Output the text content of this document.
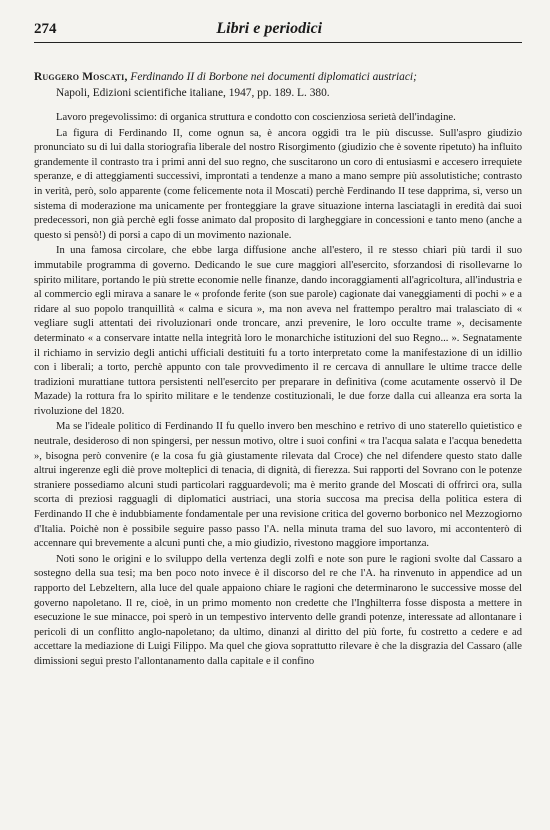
274	Libri e periodici
Ruggero Moscati, Ferdinando II di Borbone nei documenti diplomatici austriaci;
Napoli, Edizioni scientifiche italiane, 1947, pp. 189. L. 380.

Lavoro pregevolissimo: di organica struttura e condotto con coscienziosa serietà dell'indagine.

La figura di Ferdinando II, come ognun sa, è ancora oggidì tra le più discusse. Sull'aspro giudizio pronunciato su di lui dalla storiografia liberale del nostro Risorgimento (giudizio che è sovente ripetuto) ha influito grandemente il contrasto tra i primi anni del suo regno, che suscitarono un coro di entusiasmi e accesero irrequiete speranze, e di atteggiamenti successivi, improntati a tendenze a mano a mano sempre più assolutistiche; contrasto in verità, però, solo apparente (come felicemente nota il Moscati) perchè Ferdinando II tese dapprima, sì, verso un sistema di moderazione ma unicamente per fronteggiare la grave situazione interna lasciatagli in eredità dai suoi predecessori, non già perchè egli fosse animato dal proposito di largheggiare in concessioni e tanto meno (anche a questo si pensò!) di porsi a capo di un movimento nazionale.

In una famosa circolare, che ebbe larga diffusione anche all'estero, il re stesso chiarì più tardi il suo immutabile programma di governo. Dedicando le sue cure maggiori all'esercito, sforzandosi di risollevarne lo spirito militare, portando le più strette economie nelle finanze, dando incoraggiamenti all'agricoltura, all'industria e al commercio egli mirava a sanare le « profonde ferite (son sue parole) cagionate dai vaneggiamenti di pochi » e a ridare al suo popolo tranquillità « calma e sicura », ma non aveva nel frattempo peraltro mai tralasciato di « vegliare sugli attentati dei rivoluzionari onde troncare, anzi prevenire, le loro occulte trame », decisamente determinato « a conservare intatte nella integrità loro le monarchiche istituzioni del suo Regno... ». Segnatamente il richiamo in servizio degli antichi ufficiali destituiti fu a torto interpretato come la manifestazione di un idillio con i liberali; a torto, perchè appunto con tale provvedimento il re cercava di annullare le ultime tracce delle tradizioni murattiane tuttora persistenti nell'esercito per preparare in definitiva (come acutamente osservò il De Mazade) la rottura fra lo spirito militare e le tendenze costituzionali, le due forze dalla cui alleanza era sorta la rivoluzione del 1820.

Ma se l'ideale politico di Ferdinando II fu quello invero ben meschino e retrivo di uno staterello quietistico e neutrale, desideroso di non spingersi, per nessun motivo, oltre i suoi confini « tra l'acqua salata e l'acqua benedetta », bisogna però convenire (e la cosa fu già giustamente rilevata dal Croce) che nel difendere questo stato dalle altrui ingerenze egli diè prove molteplici di tenacia, di dignità, di fierezza. Sui rapporti del Sovrano con le potenze straniere possediamo alcuni studi particolari ragguardevoli; ma è merito grande del Moscati di offrirci ora, sulla scorta di preziosi ragguagli di diplomatici austriaci, una storia succosa ma precisa della politica estera di Ferdinando II che è indubbiamente fondamentale per una revisione critica del governo borbonico nel Mezzogiorno d'Italia. Poichè non è possibile seguire passo passo l'A. nella minuta trama del suo lavoro, mi accontenterò di accennare qui brevemente a alcuni punti che, a mio giudizio, rivestono maggiore importanza.

Noti sono le origini e lo sviluppo della vertenza degli zolfi e note son pure le ragioni svolte dal Cassaro a sostegno della sua tesi; ma ben poco noto invece è il discorso del re che l'A. ha rinvenuto in appendice ad un rapporto del Lebzeltern, alla luce del quale appaiono chiare le ragioni che determinarono le successive mosse del governo napoletano. Il re, cioè, in un primo momento non credette che l'Inghilterra fosse disposta a mettere in esecuzione le sue minacce, poi sperò in un tempestivo intervento delle grandi potenze, interessate ad allontanare i pericoli di un conflitto anglo-napoletano; da ultimo, dinanzi al diritto del più forte, fu costretto a cedere e ad accettare la mediazione di Luigi Filippo. Ma quel che giova soprattutto rilevare è che la disgrazia del Cassaro (alle dimissioni seguì presto l'allontanamento dalla capitale e il confino
